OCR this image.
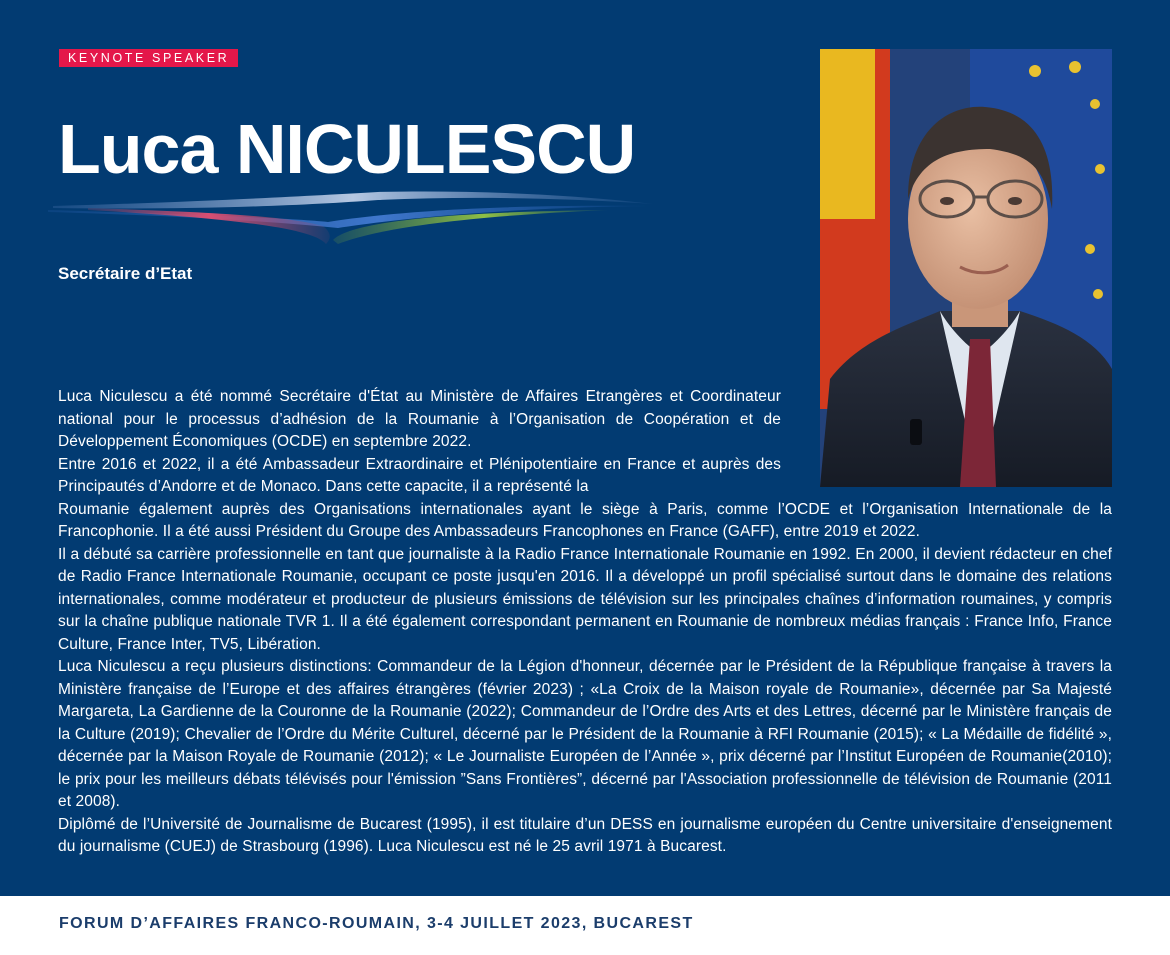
KEYNOTE SPEAKER
Luca NICULESCU
Secrétaire d’Etat

Luca Niculescu a été nommé Secrétaire d'État au Ministère de Affaires Etrangères et Coordinateur national pour le processus d’adhésion de la Roumanie à l’Organisation de Coopération et de Développement Économiques (OCDE) en septembre 2022.

Entre 2016 et 2022, il a été Ambassadeur Extraordinaire et Plénipotentiaire en France et auprès des Principautés d’Andorre et de Monaco. Dans cette capacite, il a représenté la

Roumanie également auprès des Organisations internationales ayant le siège à Paris, comme l’OCDE et l’Organisation Internationale de la Francophonie. Il a été aussi Président du Groupe des Ambassadeurs Francophones en France (GAFF), entre 2019 et 2022.

Il a débuté sa carrière professionnelle en tant que journaliste à la Radio France Internationale Roumanie en 1992. En 2000, il devient rédacteur en chef de Radio France Internationale Roumanie, occupant ce poste jusqu'en 2016. Il a développé un profil spécialisé surtout dans le domaine des relations internationales, comme modérateur et producteur de plusieurs émissions de télévision sur les principales chaînes d’information roumaines, y compris sur la chaîne publique nationale TVR 1. Il a été également correspondant permanent en Roumanie de nombreux médias français : France Info, France Culture, France Inter, TV5, Libération.

Luca Niculescu a reçu plusieurs distinctions: Commandeur de la Légion d'honneur, décernée par le Président de la République française à travers la Ministère française de l’Europe et des affaires étrangères (février 2023) ; «La Croix de la Maison royale de Roumanie», décernée par Sa Majesté Margareta, La Gardienne de la Couronne de la Roumanie (2022); Commandeur de l’Ordre des Arts et des Lettres, décerné par le Ministère français de la Culture (2019); Chevalier de l’Ordre du Mérite Culturel, décerné par le Président de la Roumanie à RFI Roumanie (2015); « La Médaille de fidélité », décernée par la Maison Royale de Roumanie (2012); « Le Journaliste Européen de l’Année », prix décerné par l’Institut Européen de Roumanie(2010); le prix pour les meilleurs débats télévisés pour l'émission ”Sans Frontières”, décerné par l'Association professionnelle de télévision de Roumanie (2011 et 2008).

Diplômé de l’Université de Journalisme de Bucarest (1995), il est titulaire d’un DESS en journalisme européen du Centre universitaire d'enseignement du journalisme (CUEJ) de Strasbourg (1996). Luca Niculescu est né le 25 avril 1971 à Bucarest.

FORUM D’AFFAIRES FRANCO-ROUMAIN, 3-4 JUILLET 2023, BUCAREST
